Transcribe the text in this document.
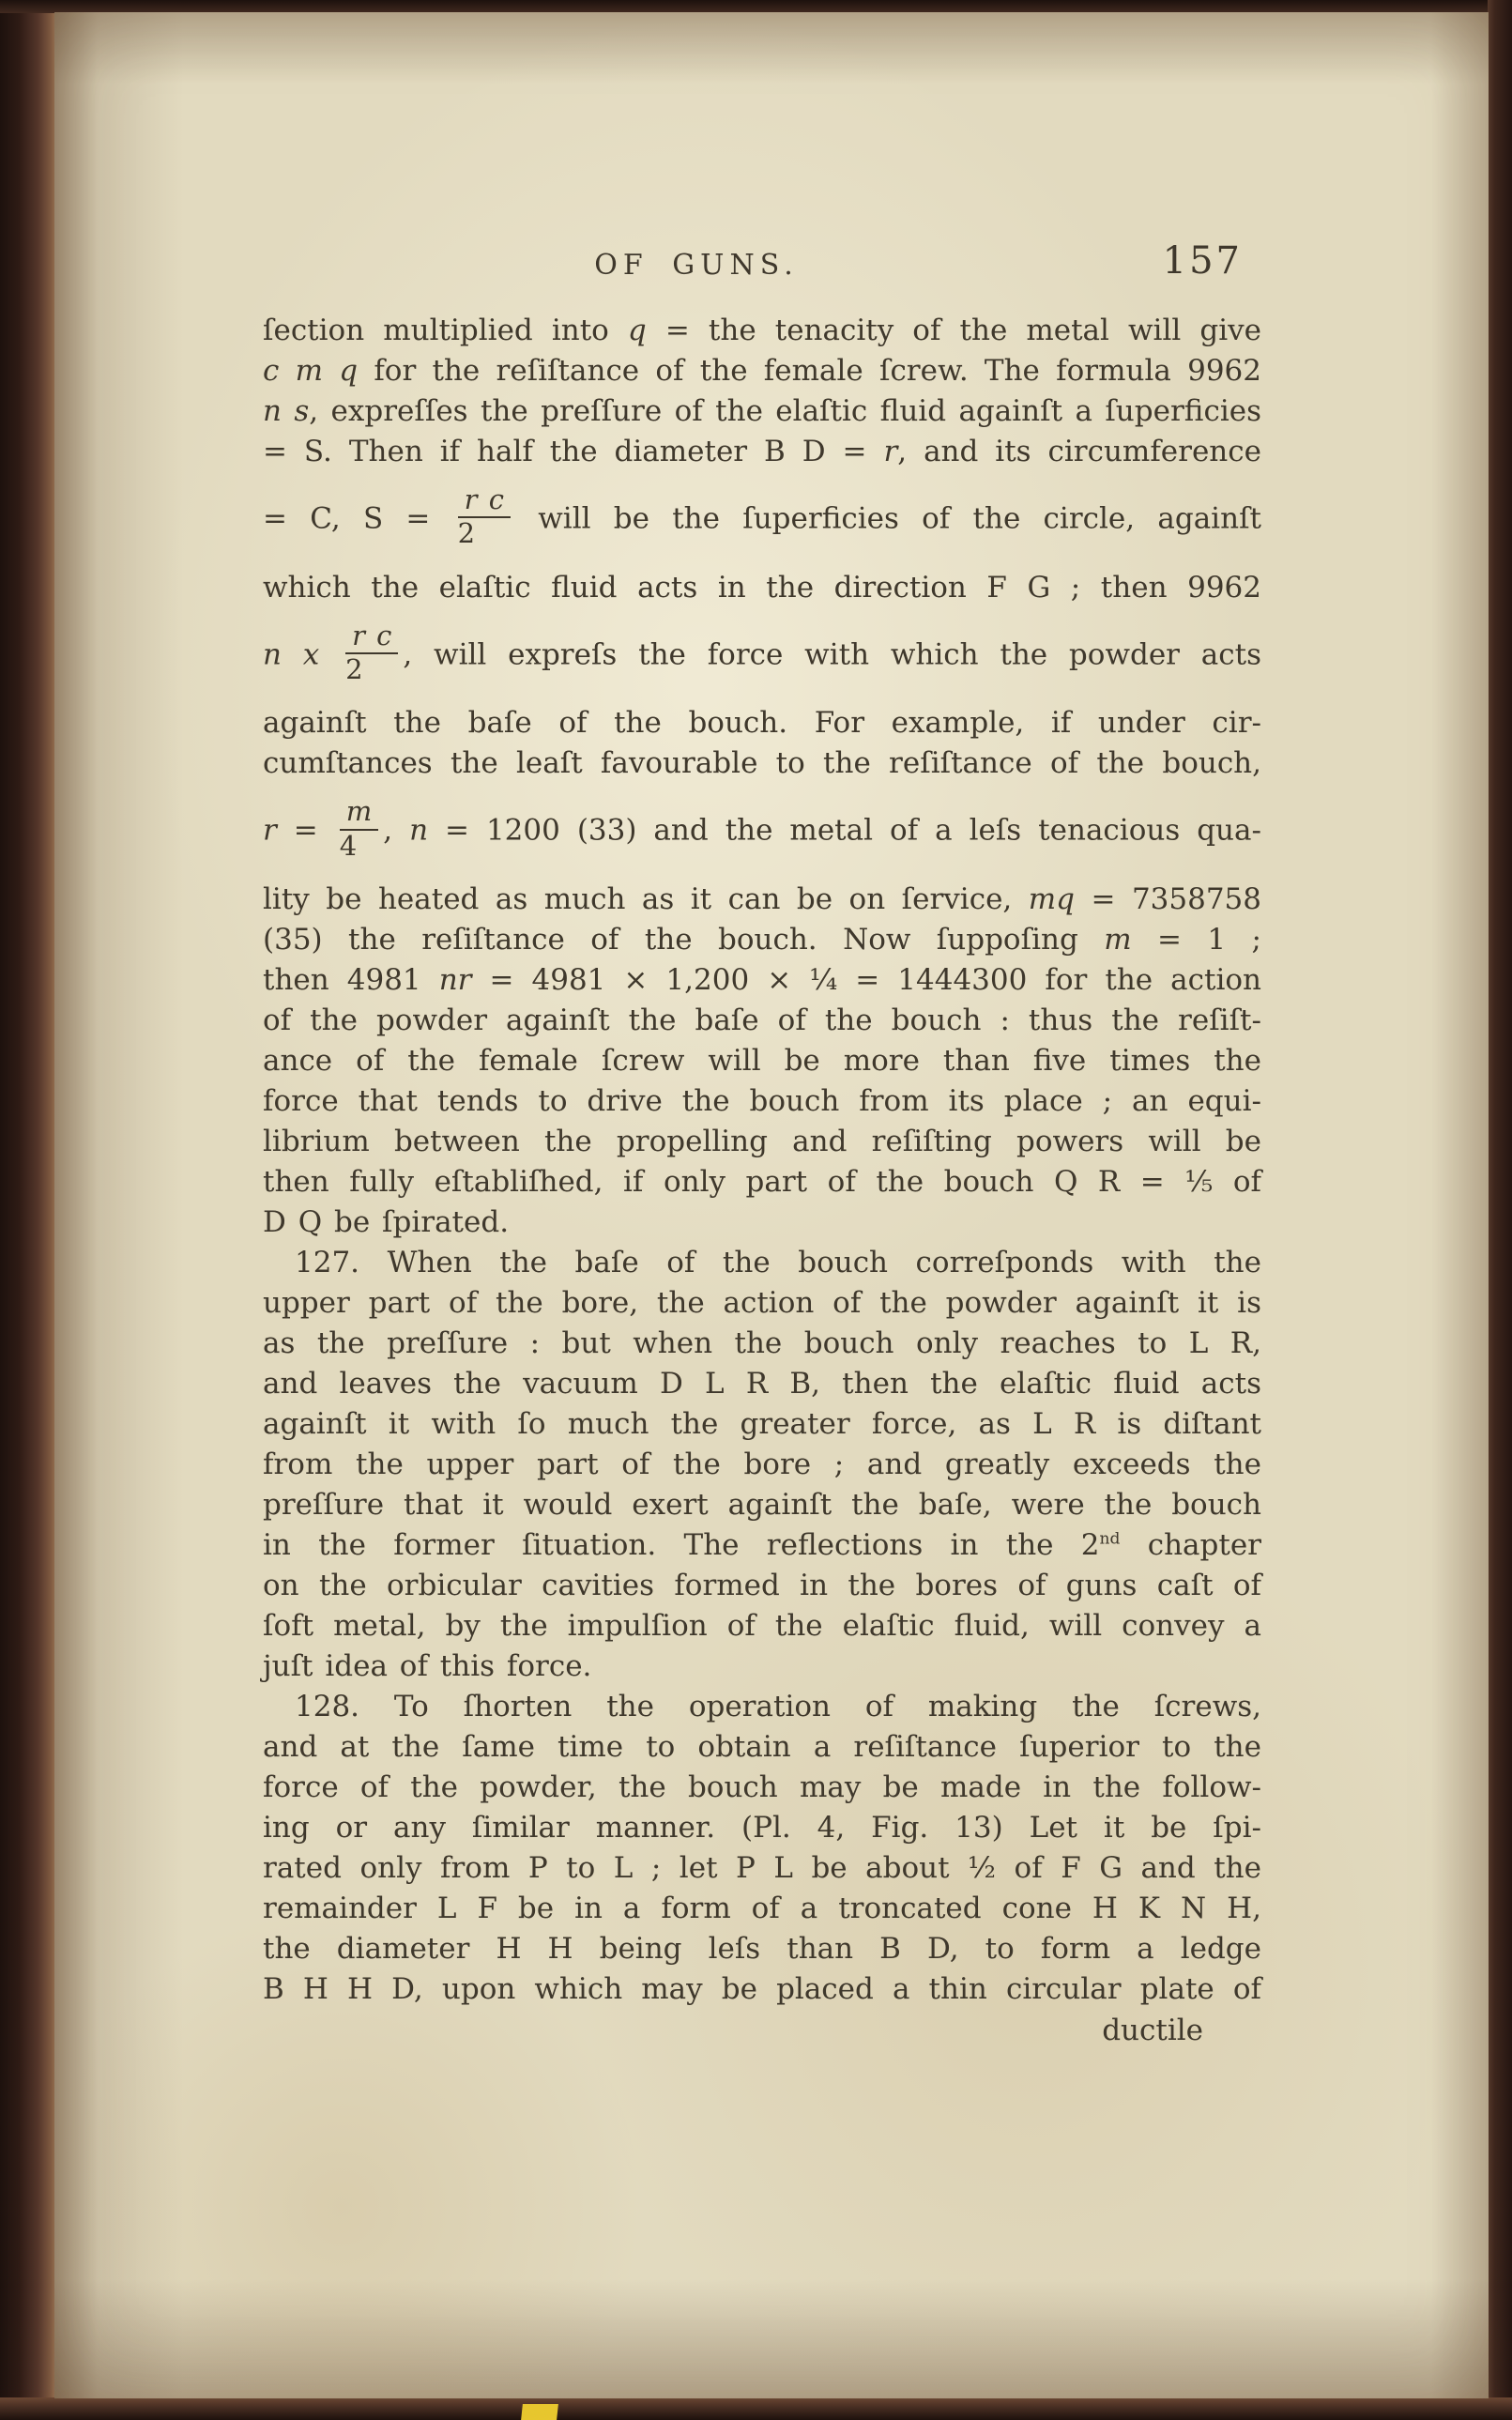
OF GUNS.	157
ſection multiplied into q = the tenacity of the metal will give
c m q for the reſiſtance of the female ſcrew. The formula 9962
n s, expreſſes the preſſure of the elaſtic fluid againſt a ſuperficies
= S. Then if half the diameter B D = r, and its circumference
= C, $S = \frac{\text{r c}}{2}$ will be the ſuperficies of the circle, againſt
which the elaſtic fluid acts in the direction F G ; then 9962
n x $\frac{\text{r c}}{2}$ , will expreſs the force with which the powder acts
againſt the baſe of the bouch. For example, if under cir-
cumſtances the leaſt favourable to the reſiſtance of the bouch,
$r = \frac{m}{4}$ , n = 1200 (33) and the metal of a leſs tenacious qua-
lity be heated as much as it can be on ſervice, mq = 7358758
(35) the reſiſtance of the bouch. Now ſuppoſing m = 1 ;
then 4981 nr = 4981 × 1,200 × ¼ = 1444300 for the action
of the powder againſt the baſe of the bouch : thus the reſiſt-
ance of the female ſcrew will be more than five times the
force that tends to drive the bouch from its place ; an equi-
librium between the propelling and reſiſting powers will be
then fully eſtabliſhed, if only part of the bouch Q R = ⅕ of
D Q be ſpirated.
127. When the baſe of the bouch correſponds with the
upper part of the bore, the action of the powder againſt it is
as the preſſure : but when the bouch only reaches to L R,
and leaves the vacuum D L R B, then the elaſtic fluid acts
againſt it with ſo much the greater force, as L R is diſtant
from the upper part of the bore ; and greatly exceeds the
preſſure that it would exert againſt the baſe, were the bouch
in the former ſituation. The reflections in the 2nd chapter
on the orbicular cavities formed in the bores of guns caſt of
ſoft metal, by the impulſion of the elaſtic fluid, will convey a
juſt idea of this force.
128. To ſhorten the operation of making the ſcrews,
and at the ſame time to obtain a reſiſtance ſuperior to the
force of the powder, the bouch may be made in the follow-
ing or any ſimilar manner. (Pl. 4, Fig. 13) Let it be ſpi-
rated only from P to L ; let P L be about ½ of F G and the
remainder L F be in a form of a troncated cone H K N H,
the diameter H H being leſs than B D, to form a ledge
B H H D, upon which may be placed a thin circular plate of
ductile
